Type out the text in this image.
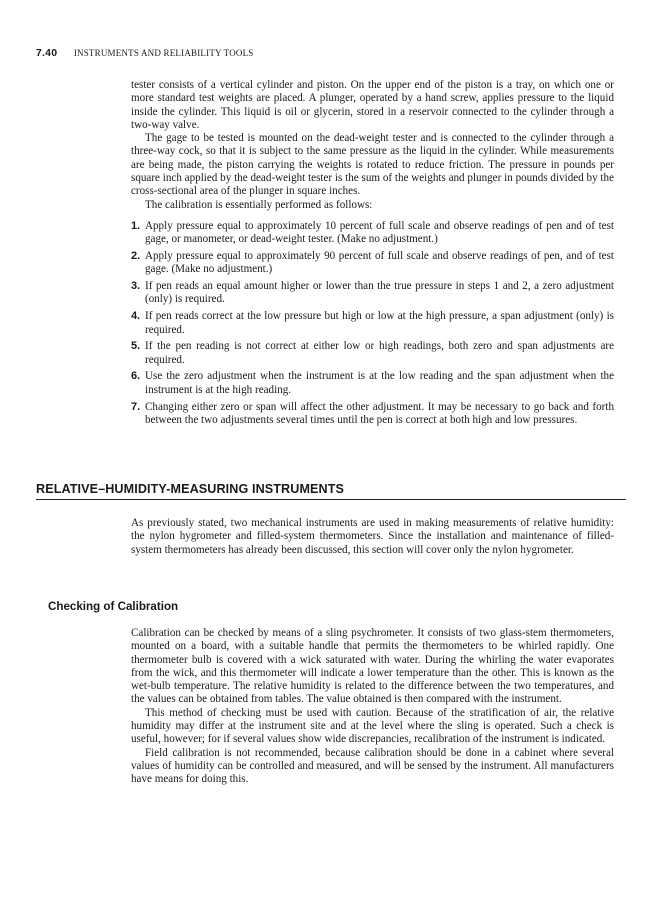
7.40 INSTRUMENTS AND RELIABILITY TOOLS

tester consists of a vertical cylinder and piston. On the upper end of the piston is a tray, on which one or more standard test weights are placed. A plunger, operated by a hand screw, applies pressure to the liquid inside the cylinder. This liquid is oil or glycerin, stored in a reservoir connected to the cylinder through a two-way valve.

The gage to be tested is mounted on the dead-weight tester and is connected to the cylinder through a three-way cock, so that it is subject to the same pressure as the liquid in the cylinder. While measurements are being made, the piston carrying the weights is rotated to reduce friction. The pressure in pounds per square inch applied by the dead-weight tester is the sum of the weights and plunger in pounds divided by the cross-sectional area of the plunger in square inches.

The calibration is essentially performed as follows:

1. Apply pressure equal to approximately 10 percent of full scale and observe readings of pen and of test gage, or manometer, or dead-weight tester. (Make no adjustment.)
2. Apply pressure equal to approximately 90 percent of full scale and observe readings of pen, and of test gage. (Make no adjustment.)
3. If pen reads an equal amount higher or lower than the true pressure in steps 1 and 2, a zero adjustment (only) is required.
4. If pen reads correct at the low pressure but high or low at the high pressure, a span adjustment (only) is required.
5. If the pen reading is not correct at either low or high readings, both zero and span adjustments are required.
6. Use the zero adjustment when the instrument is at the low reading and the span adjustment when the instrument is at the high reading.
7. Changing either zero or span will affect the other adjustment. It may be necessary to go back and forth between the two adjustments several times until the pen is correct at both high and low pressures.
RELATIVE–HUMIDITY-MEASURING INSTRUMENTS

As previously stated, two mechanical instruments are used in making measurements of relative humidity: the nylon hygrometer and filled-system thermometers. Since the installation and maintenance of filled-system thermometers has already been discussed, this section will cover only the nylon hygrometer.

Checking of Calibration

Calibration can be checked by means of a sling psychrometer. It consists of two glass-stem thermometers, mounted on a board, with a suitable handle that permits the thermometers to be whirled rapidly. One thermometer bulb is covered with a wick saturated with water. During the whirling the water evaporates from the wick, and this thermometer will indicate a lower temperature than the other. This is known as the wet-bulb temperature. The relative humidity is related to the difference between the two temperatures, and the values can be obtained from tables. The value obtained is then compared with the instrument.

This method of checking must be used with caution. Because of the stratification of air, the relative humidity may differ at the instrument site and at the level where the sling is operated. Such a check is useful, however; for if several values show wide discrepancies, recalibration of the instrument is indicated.

Field calibration is not recommended, because calibration should be done in a cabinet where several values of humidity can be controlled and measured, and will be sensed by the instrument. All manufacturers have means for doing this.
